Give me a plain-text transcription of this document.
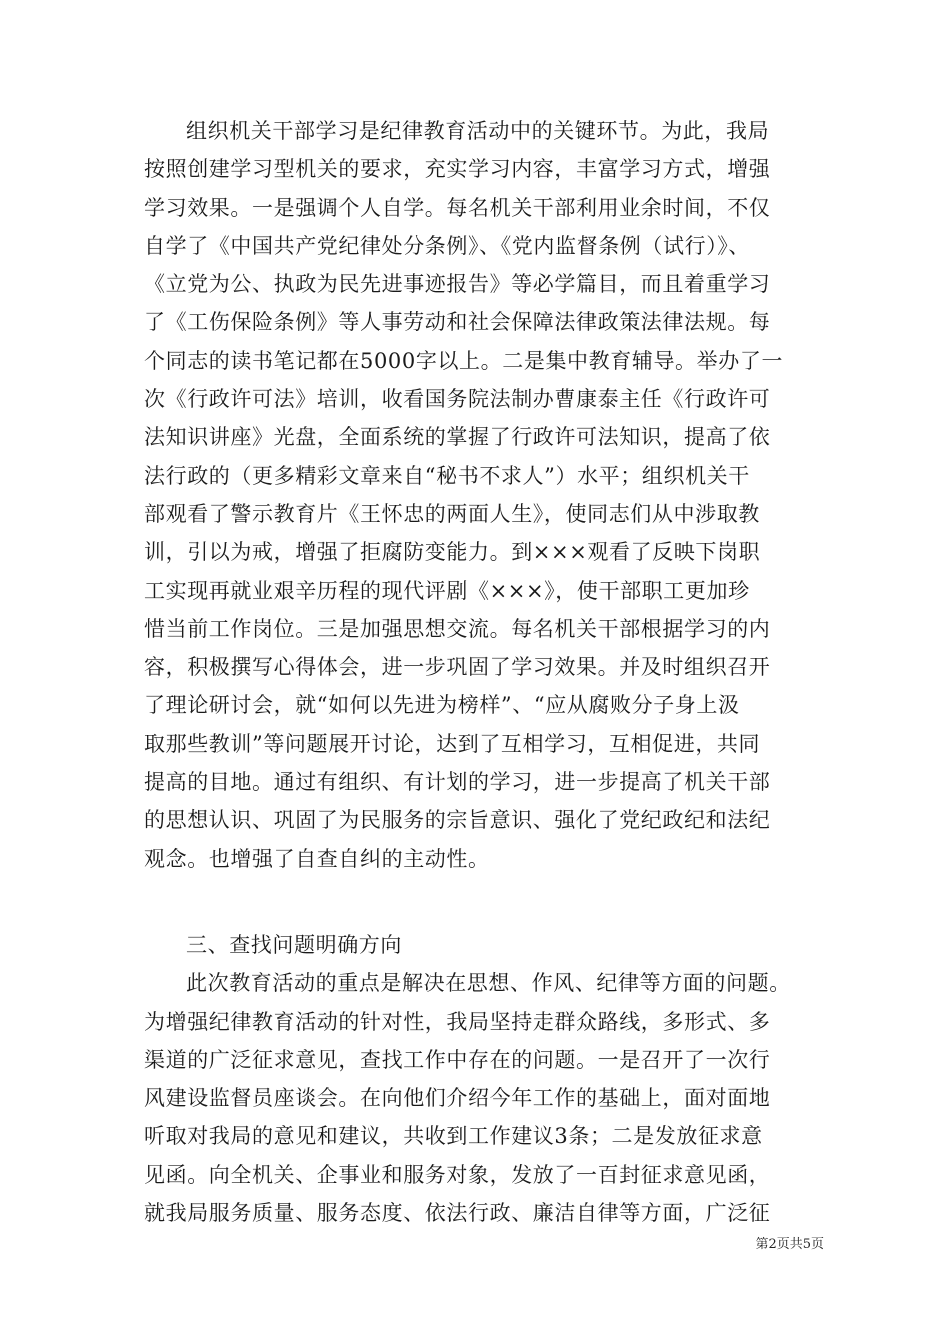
组织机关干部学习是纪律教育活动中的关键环节。为此，我局
按照创建学习型机关的要求，充实学习内容，丰富学习方式，增强
学习效果。一是强调个人自学。每名机关干部利用业余时间，不仅
自学了《中国共产党纪律处分条例》、《党内监督条例（试行）》、
《立党为公、执政为民先进事迹报告》等必学篇目，而且着重学习
了《工伤保险条例》等人事劳动和社会保障法律政策法律法规。每
个同志的读书笔记都在5000字以上。二是集中教育辅导。举办了一
次《行政许可法》培训，收看国务院法制办曹康泰主任《行政许可
法知识讲座》光盘，全面系统的掌握了行政许可法知识，提高了依
法行政的（更多精彩文章来自“秘书不求人”）水平；组织机关干
部观看了警示教育片《王怀忠的两面人生》，使同志们从中涉取教
训，引以为戒，增强了拒腐防变能力。到×××观看了反映下岗职
工实现再就业艰辛历程的现代评剧《×××》，使干部职工更加珍
惜当前工作岗位。三是加强思想交流。每名机关干部根据学习的内
容，积极撰写心得体会，进一步巩固了学习效果。并及时组织召开
了理论研讨会，就“如何以先进为榜样”、“应从腐败分子身上汲
取那些教训”等问题展开讨论，达到了互相学习，互相促进，共同
提高的目地。通过有组织、有计划的学习，进一步提高了机关干部
的思想认识、巩固了为民服务的宗旨意识、强化了党纪政纪和法纪
观念。也增强了自查自纠的主动性。
三、查找问题明确方向
此次教育活动的重点是解决在思想、作风、纪律等方面的问题。
为增强纪律教育活动的针对性，我局坚持走群众路线，多形式、多
渠道的广泛征求意见，查找工作中存在的问题。一是召开了一次行
风建设监督员座谈会。在向他们介绍今年工作的基础上，面对面地
听取对我局的意见和建议，共收到工作建议3条；二是发放征求意
见函。向全机关、企事业和服务对象，发放了一百封征求意见函，
就我局服务质量、服务态度、依法行政、廉洁自律等方面，广泛征
第2页共5页
